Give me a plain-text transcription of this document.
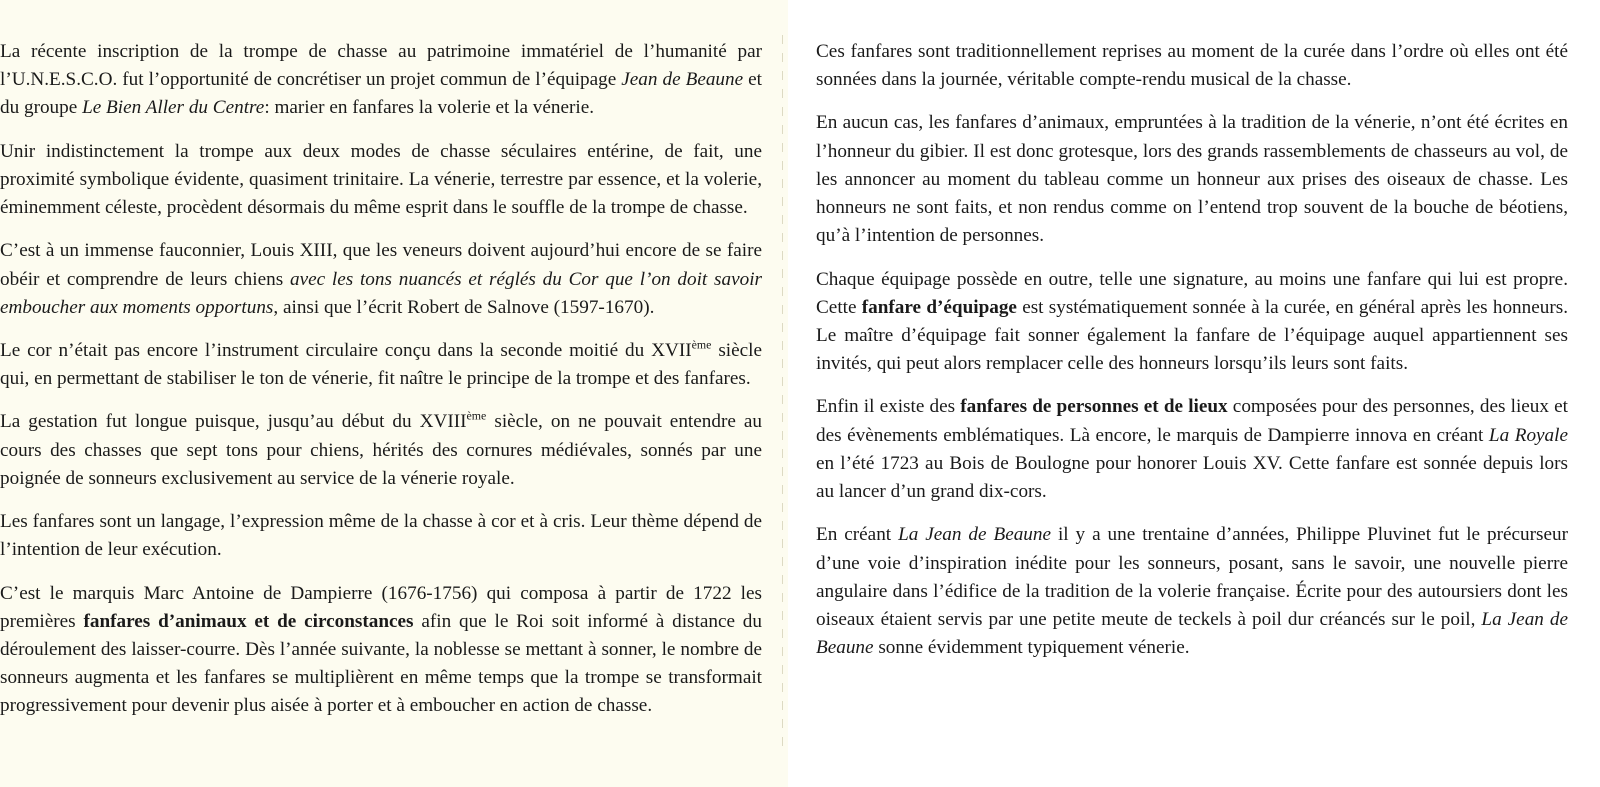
La récente inscription de la trompe de chasse au patrimoine immatériel de l’humanité par l’U.N.E.S.C.O. fut l’opportunité de concrétiser un projet commun de l’équipage Jean de Beaune et du groupe Le Bien Aller du Centre: marier en fanfares la volerie et la vénerie.

Unir indistinctement la trompe aux deux modes de chasse séculaires entérine, de fait, une proximité symbolique évidente, quasiment trinitaire. La vénerie, terrestre par essence, et la volerie, éminemment céleste, procèdent désormais du même esprit dans le souffle de la trompe de chasse.

C’est à un immense fauconnier, Louis XIII, que les veneurs doivent aujourd’hui encore de se faire obéir et comprendre de leurs chiens avec les tons nuancés et réglés du Cor que l’on doit savoir emboucher aux moments opportuns, ainsi que l’écrit Robert de Salnove (1597-1670).

Le cor n’était pas encore l’instrument circulaire conçu dans la seconde moitié du XVIIème siècle qui, en permettant de stabiliser le ton de vénerie, fit naître le principe de la trompe et des fanfares.

La gestation fut longue puisque, jusqu’au début du XVIIIème siècle, on ne pouvait entendre au cours des chasses que sept tons pour chiens, hérités des cornures médiévales, sonnés par une poignée de sonneurs exclusivement au service de la vénerie royale.

Les fanfares sont un langage, l’expression même de la chasse à cor et à cris. Leur thème dépend de l’intention de leur exécution.

C’est le marquis Marc Antoine de Dampierre (1676-1756) qui composa à partir de 1722 les premières fanfares d’animaux et de circonstances afin que le Roi soit informé à distance du déroulement des laisser-courre. Dès l’année suivante, la noblesse se mettant à sonner, le nombre de sonneurs augmenta et les fanfares se multiplièrent en même temps que la trompe se transformait progressivement pour devenir plus aisée à porter et à emboucher en action de chasse.

Ces fanfares sont traditionnellement reprises au moment de la curée dans l’ordre où elles ont été sonnées dans la journée, véritable compte-rendu musical de la chasse.

En aucun cas, les fanfares d’animaux, empruntées à la tradition de la vénerie, n’ont été écrites en l’honneur du gibier. Il est donc grotesque, lors des grands rassemblements de chasseurs au vol, de les annoncer au moment du tableau comme un honneur aux prises des oiseaux de chasse. Les honneurs ne sont faits, et non rendus comme on l’entend trop souvent de la bouche de béotiens, qu’à l’intention de personnes.

Chaque équipage possède en outre, telle une signature, au moins une fanfare qui lui est propre. Cette fanfare d’équipage est systématiquement sonnée à la curée, en général après les honneurs. Le maître d’équipage fait sonner également la fanfare de l’équipage auquel appartiennent ses invités, qui peut alors remplacer celle des honneurs lorsqu’ils leurs sont faits.

Enfin il existe des fanfares de personnes et de lieux composées pour des personnes, des lieux et des évènements emblématiques. Là encore, le marquis de Dampierre innova en créant La Royale en l’été 1723 au Bois de Boulogne pour honorer Louis XV. Cette fanfare est sonnée depuis lors au lancer d’un grand dix-cors.

En créant La Jean de Beaune il y a une trentaine d’années, Philippe Pluvinet fut le précurseur d’une voie d’inspiration inédite pour les sonneurs, posant, sans le savoir, une nouvelle pierre angulaire dans l’édifice de la tradition de la volerie française. Écrite pour des autoursiers dont les oiseaux étaient servis par une petite meute de teckels à poil dur créancés sur le poil, La Jean de Beaune sonne évidemment typiquement vénerie.
